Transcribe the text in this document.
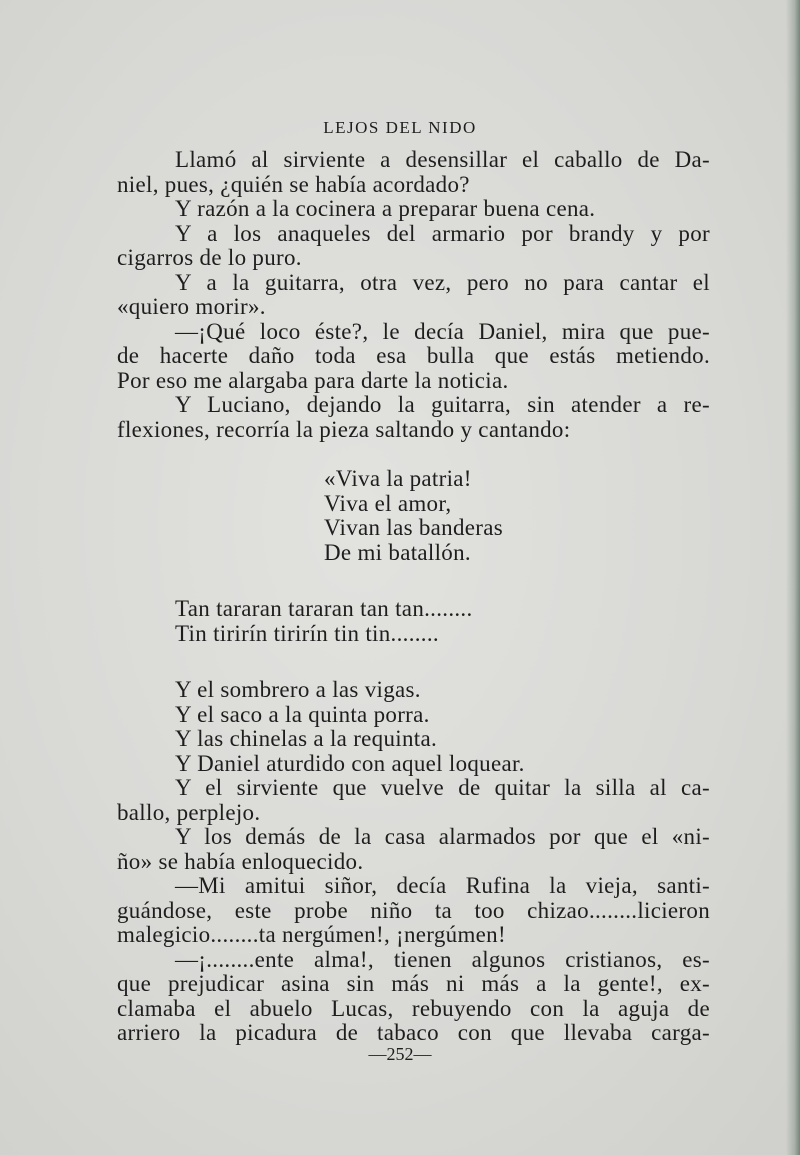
LEJOS DEL NIDO

Llamó al sirviente a desensillar el caballo de Da-

niel, pues, ¿quién se había acordado?

Y razón a la cocinera a preparar buena cena.

Y a los anaqueles del armario por brandy y por

cigarros de lo puro.

Y a la guitarra, otra vez, pero no para cantar el

«quiero morir».

—¡Qué loco éste?, le decía Daniel, mira que pue-

de hacerte daño toda esa bulla que estás metiendo.

Por eso me alargaba para darte la noticia.

Y Luciano, dejando la guitarra, sin atender a re-

flexiones, recorría la pieza saltando y cantando:

«Viva la patria!
Viva el amor,
Vivan las banderas
De mi batallón.
Tan tararan tararan tan tan........
Tin tirirín tirirín tin tin........

Y el sombrero a las vigas.

Y el saco a la quinta porra.

Y las chinelas a la requinta.

Y Daniel aturdido con aquel loquear.

Y el sirviente que vuelve de quitar la silla al ca-

ballo, perplejo.

Y los demás de la casa alarmados por que el «ni-

ño» se había enloquecido.

—Mi amitui siñor, decía Rufina la vieja, santi-

guándose, este probe niño ta too chizao........licieron

malegicio........ta nergúmen!, ¡nergúmen!

—¡........ente alma!, tienen algunos cristianos, es-

que prejudicar asina sin más ni más a la gente!, ex-

clamaba el abuelo Lucas, rebuyendo con la aguja de

arriero la picadura de tabaco con que llevaba carga-

—252—
